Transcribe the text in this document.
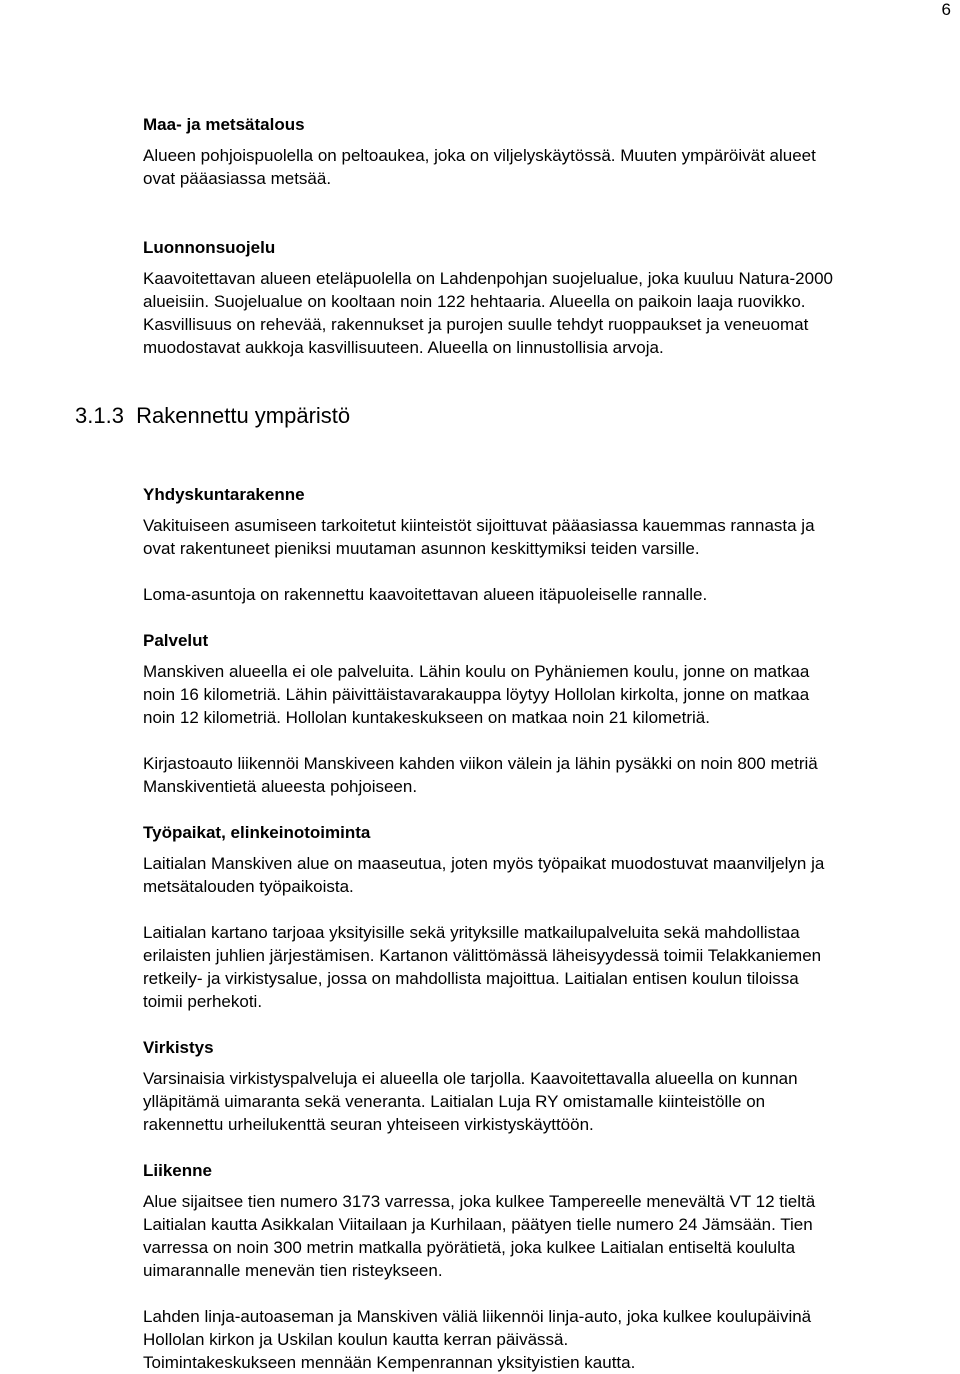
6

Maa- ja metsätalous

Alueen pohjoispuolella on peltoaukea, joka on viljelyskäytössä. Muuten ympäröivät alueet

ovat pääasiassa metsää.

Luonnonsuojelu

Kaavoitettavan alueen eteläpuolella on Lahdenpohjan suojelualue, joka kuuluu Natura-2000

alueisiin. Suojelualue on kooltaan noin 122 hehtaaria. Alueella on paikoin laaja ruovikko.

Kasvillisuus on rehevää, rakennukset ja purojen suulle tehdyt ruoppaukset ja veneuomat

muodostavat aukkoja kasvillisuuteen. Alueella on linnustollisia arvoja.

3.1.3  Rakennettu ympäristö

Yhdyskuntarakenne

Vakituiseen asumiseen tarkoitetut kiinteistöt sijoittuvat pääasiassa kauemmas rannasta ja

ovat rakentuneet pieniksi muutaman asunnon keskittymiksi teiden varsille.

Loma-asuntoja on rakennettu kaavoitettavan alueen itäpuoleiselle rannalle.

Palvelut

Manskiven alueella ei ole palveluita. Lähin koulu on Pyhäniemen koulu, jonne on matkaa

noin 16 kilometriä. Lähin päivittäistavarakauppa löytyy Hollolan kirkolta, jonne on matkaa

noin 12 kilometriä. Hollolan kuntakeskukseen on matkaa noin 21 kilometriä.

Kirjastoauto liikennöi Manskiveen kahden viikon välein ja lähin pysäkki on noin 800 metriä

Manskiventietä alueesta pohjoiseen.

Työpaikat, elinkeinotoiminta

Laitialan Manskiven alue on maaseutua, joten myös työpaikat muodostuvat maanviljelyn ja

metsätalouden työpaikoista.

Laitialan kartano tarjoaa yksityisille sekä yrityksille matkailupalveluita sekä mahdollistaa

erilaisten juhlien järjestämisen. Kartanon välittömässä läheisyydessä toimii Telakkaniemen

retkeily- ja virkistysalue, jossa on mahdollista majoittua. Laitialan entisen koulun tiloissa

toimii perhekoti.

Virkistys

Varsinaisia virkistyspalveluja ei alueella ole tarjolla. Kaavoitettavalla alueella on kunnan

ylläpitämä uimaranta sekä veneranta. Laitialan Luja RY omistamalle kiinteistölle on

rakennettu urheilukenttä seuran yhteiseen virkistyskäyttöön.

Liikenne

Alue sijaitsee tien numero 3173 varressa, joka kulkee Tampereelle menevältä VT 12 tieltä

Laitialan kautta Asikkalan Viitailaan ja Kurhilaan, päätyen tielle numero 24 Jämsään. Tien

varressa on noin 300 metrin matkalla pyörätietä, joka kulkee Laitialan entiseltä koululta

uimarannalle menevän tien risteykseen.

Lahden linja-autoaseman ja Manskiven väliä liikennöi linja-auto, joka kulkee koulupäivinä

Hollolan kirkon ja Uskilan koulun kautta kerran päivässä.

Toimintakeskukseen mennään Kempenrannan yksityistien kautta.
